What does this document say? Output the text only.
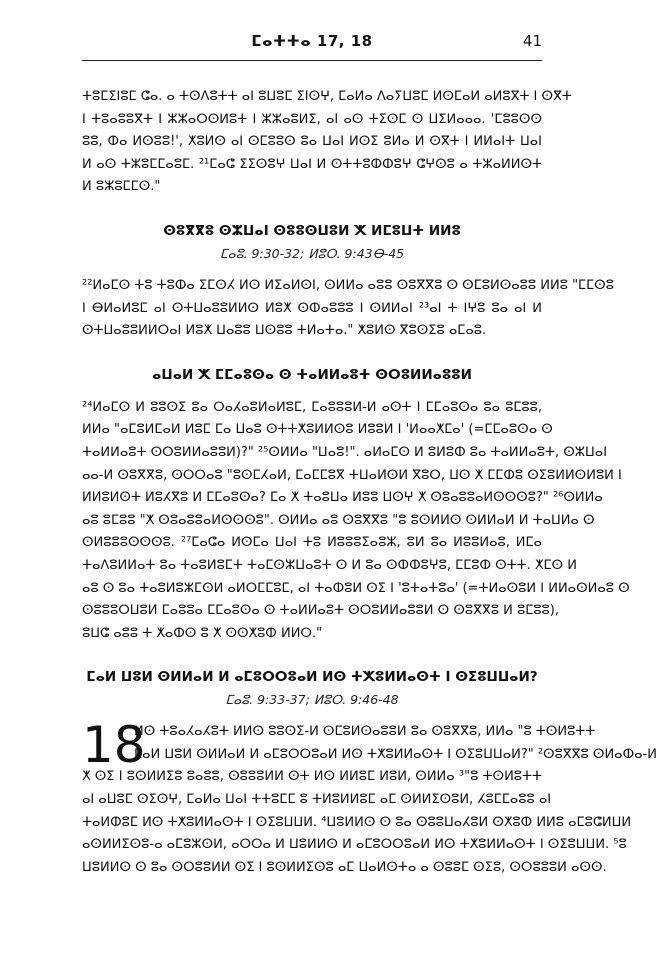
ⵎⴰⵜⵜⴰ 17, 18	41
ⵜⵓⵎⵉⵏⵓⵎ ⵛⴰ. ⴰ ⵜⵙⴷⵓⵜⵜ ⴰⵏ ⵓⵡⵓⵎ ⵉⵏⵙⵖ, ⵎⴰⵍⴰ ⴷⴰⵢⵡⵓⵎ ⵍⵙⵎⴰⵍ ⴰⵍⵓⴳⵜ ⵏ ⵙⴳⵜ
ⵏ ⵜⵓⴰⵓⵓⴳⵜ ⵏ ⵣⵣⴰⵔⵙⵍⵓⵜ ⵏ ⵣⵣⴰⵓⵍⵉ, ⴰⵏ ⴰⵙ ⵜⵉⵙⵎ ⵙ ⵡⵉⵍⴰⴰⴰ. 'ⵎⵓⵓⵙⵙ
ⵓⵓ, ⵀⴰ ⵍⵙⵓⵓ!', ⵅⵓⵍⵙ ⴰⵏ ⵙⵎⵓⵓⵙ ⵓⴰ ⵡⴰⵏ ⵍⵙⵉ ⵓⵍⴰ ⵍ ⵙⴳⵜ ⵏ ⵍⵍⴰⵏⵜ ⵡⴰⵏ
ⵍ ⴰⵙ ⵜⵣⵓⵎⵎⴰⵓⵎ. ²¹ⵎⴰⵛ ⵉⵉⵙⵓⵖ ⵡⴰⵏ ⵍ ⵙⵜⵜⵓⵀⵀⵓⵖ ⵛⵖⵙⵓ ⴰ ⵜⵣⴰⵍⵍⵙⵜ
ⵍ ⵓⵣⵓⵎⵎⵙ."

ⵙⵓⴳⴳⵓ ⵙⵣⵡⴰⵏ ⵙⵓⵓⵙⵡⵓⵍ ⵅ ⵍⵎⵓⵡⵜ ⵍⵍⵓ

ⵎⴰⵓ. 9:30-32; ⵍⵓⵔ. 9:43ⴱ-45

²²ⵍⴰⵎⵙ ⵜⵓ ⵜⵓⵀⴰ ⵉⵎⵙⵃ ⵍⵙ ⵍⵉⴰⵍⵙⵏ, ⵙⵍⵍⴰ ⴰⵓⵓ ⵙⵓⴳⴳⵓ ⵙ ⵙⵎⵓⵍⵙⴰⵓⵓ ⵍⵍⵓ "ⵎⵎⵙⵓ
ⵏ ⴱⵍⴰⵍⵓⵎ ⴰⵏ ⵙⵜⵡⴰⵓⵓⵍⵍⵙ ⵍⵓⵅ ⵙⵀⴰⵓⵓⵓ ⵏ ⵙⵍⵍⴰⵏ ²³ⴰⵏ ⵜ ⵏⵖⵓ ⵓⴰ ⴰⵏ ⵍ
ⵙⵜⵡⴰⵓⵓⵍⵍⵔⴰⵏ ⵍⵓⵅ ⵡⴰⵓⵓ ⵡⵙⵓⵓ ⵜⵍⴰⵜⴰ." ⵅⵓⵍⵙ ⴳⵓⵙⵉⵓ ⴰⵎⴰⵓ.

ⴰⵡⴰⵍ ⵅ ⵎⵎⴰⵓⵙⴰ ⵙ ⵜⴰⵍⵍⴰⵓⵜ ⵙⵔⵓⵍⵍⴰⵓⵓⵍ

²⁴ⵍⴰⵎⵙ ⵍ ⵓⵓⵙⵉ ⵓⴰ ⵔⴰⵃⴰⵓⵍⴰⵍⵓⵎ, ⵎⴰⵓⵓⵓⵍ-ⵍ ⴰⵙⵜ ⵏ ⵎⵎⴰⵓⵙⴰ ⵓⴰ ⵓⵎⵓⵓ,
ⵍⵍⴰ "ⴰⵎⵓⵍⵎⴰⵍ ⵍⵓⵎ ⵎⴰ ⵡⴰⵓ ⵙⵜⵜⵅⵓⵍⵍⵙⵓ ⵍⵓⵓⵍ ⵏ 'ⵍⴰⴰⵅⵎⴰ' (=ⵎⵎⴰⵓⵙⴰ ⵙ
ⵜⴰⵍⵍⴰⵓⵜ ⵙⵔⵓⵍⵍⴰⵓⵓⵍ)?" ²⁵ⵙⵍⵍⴰ "ⵡⴰⵓ!". ⴰⵍⴰⵎⵙ ⵍ ⵓⵍⵓⵀ ⵓⴰ ⵜⴰⵍⵍⴰⵓⵜ, ⵙⵣⵡⴰⵏ
ⴰⴰ-ⵍ ⵙⵓⴳⴳⵓ, ⵙⵔⵔⴰⵓ "ⵓⵙⵎⵃⴰⵍ, ⵎⴰⵎⵎⵓⴳ ⵜⵡⴰⵍⵙⵍ ⴳⵓⵔ, ⵡⵙ ⵅ ⵎⵎⵀⵓ ⵙⵉⵓⵍⵍⵙⵍⵓⵍ ⵏ
ⵍⵍⵓⵍⵙⵜ ⵍⵓⵃⴳⵓ ⵍ ⵎⵎⴰⵓⵙⴰ? ⵎⴰ ⵅ ⵜⴰⵓⵡⴰ ⵍⵓⵓ ⵡⵙⵖ ⵅ ⵙⵓⴰⵓⵓⴰⵍⵙⵙⵙⵓ?" ²⁶ⵙⵍⵍⴰ
ⴰⵓ ⵓⵎⵓⵓ "ⵅ ⵙⵓⴰⵓⵓⴰⵍⵙⵙⵙⵓ". ⵙⵍⵍⴰ ⴰⵓ ⵙⵓⴳⴳⵓ "ⵓ ⵓⵙⵍⵍⵙ ⵙⵍⵍⴰⵍ ⵍ ⵜⴰⵡⵍⴰ ⵙ
ⵙⵍⵓⵓⵓⵙⵙⵙⵓ. ²⁷ⵎⴰⵛⴰ ⵍⵙⵎⴰ ⵡⴰⵏ ⵜⵓ ⵍⵓⵓⵓⵉⴰⵓⵣ, ⵓⵍ ⵓⴰ ⵍⵓⵓⵍⴰⵓ, ⵍⵎⴰ
ⵜⴰⴷⵓⵍⵍⴰⵜ ⵓⴰ ⵜⴰⵓⵍⵓⵎⵜ ⵜⴰⵎⵙⵣⵡⴰⵓⵜ ⵙ ⵍ ⵓⴰ ⵙⵀⵀⵓⵖⵓ, ⵎⵎⵓⵀ ⵙⵜⵜ. ⵅⵎⵙ ⵍ
ⴰⵓ ⵙ ⵓⴰ ⵜⴰⵓⵍⵓⵣⵎⵙⵍ ⴰⵍⵔⵎⵎⵓⵎ, ⴰⵏ ⵜⴰⵀⵓⵍ ⵙⵉ ⵏ 'ⵓⵜⴰⵜⵓⴰ' (=ⵜⵍⴰⵙⵓⵍ ⵏ ⵍⵍⴰⵙⵍⴰⵓ ⵙ
ⵙⵓⵓⵓⵔⵡⵓⵍ ⵎⴰⵓⵓⴰ ⵎⵎⴰⵓⵙⴰ ⵙ ⵜⴰⵍⵍⴰⵓⵜ ⵙⵔⵓⵍⵍⴰⵓⵓⵍ ⵙ ⵙⵓⴳⴳⵓ ⵍ ⵓⵎⵓⵓ),
ⵓⵡⵛ ⴰⵓⵓ ⵜ ⵅⴰⵀⵙ ⵓ ⵅ ⵙⵙⵅⵓⵀ ⵍⵍⵔ."

ⵎⴰⵍ ⵡⵓⵍ ⵙⵍⵍⴰⵍ ⵍ ⴰⵎⵓⵔⵔⵓⴰⵍ ⵍⵙ ⵜⵅⵓⵍⵍⴰⵙⵜ ⵏ ⵙⵉⵓⵡⵡⴰⵍ?

ⵎⴰⵓ. 9:33-37; ⵍⵓⵔ. 9:46-48

18
ⵍⵙ ⵜⵓⴰⵃⴰⵃⵓⵜ ⵍⵍⵙ ⵓⵓⵙⵉ-ⵍ ⵙⵎⵓⵍⵙⴰⵓⵓⵍ ⵓⴰ ⵙⵓⴳⴳⵓ, ⵍⵍⴰ "ⵓ ⵜⵙⵍⵓⵜⵜ
ⵎⴰⵍ ⵡⵓⵍ ⵙⵍⵍⴰⵍ ⵍ ⴰⵎⵓⵔⵔⵓⴰⵍ ⵍⵙ ⵜⵅⵓⵍⵍⴰⵙⵜ ⵏ ⵙⵉⵓⵡⵡⴰⵍ?" ²ⵙⵓⴳⴳⵓ ⵙⵍⴰⵀⴰ-ⵍ
ⵅ ⵙⵉ ⵏ ⵓⵙⵍⵍⵉⵓ ⵓⴰⵓⵓ, ⵙⵓⵓⵓⵍⵍ ⵙⵜ ⵍⵙ ⵍⵍⵓⵎ ⵍⵓⵍ, ⵙⵍⵍⴰ ³"ⵓ ⵜⵙⵍⵓⵜⵜ
ⴰⵏ ⴰⵡⵓⵎ ⵙⵉⵙⵖ, ⵎⴰⵍⴰ ⵡⴰⵏ ⵜⵜⵓⵎⵎ ⵓ ⵜⵍⵓⵍⵍⵓⵎ ⴰⵎ ⵙⵍⵍⵉⵙⵓⵍ, ⵃⵓⵎⵎⴰⵓⵓ ⴰⵏ
ⵜⴰⵍⵀⵓⵎ ⵍⵙ ⵜⵅⵓⵍⵍⴰⵙⵜ ⵏ ⵙⵉⵓⵡⵡⵍ. ⁴ⵡⵓⵍⵍⵙ ⵙ ⵓⴰ ⵙⵓⵓⵡⴰⵃⵓⵍ ⵙⵅⵓⵀ ⵍⵍⵓ ⴰⵎⵓⵛⵍⵡⵍ
ⴰⵙⵍⵍⵉⵙⵓ-ⴰ ⴰⵎⵓⵣⵙⵍ, ⴰⵔⵔⴰ ⵍ ⵡⵓⵍⵍⵙ ⵍ ⴰⵎⵓⵔⵔⵓⴰⵍ ⵍⵙ ⵜⵅⵓⵍⵍⴰⵙⵜ ⵏ ⵙⵉⵓⵡⵡⵍ. ⁵ⵓ
ⵡⵓⵍⵍⵙ ⵙ ⵓⴰ ⵙⵔⵓⵓⵍⵍ ⵙⵉ ⵏ ⵓⵙⵍⵍⵉⵙⵓ ⴰⵎ ⵡⴰⵍⵙⵜⴰ ⴰ ⵙⵓⵓⵎ ⵙⵉⵓ, ⵙⵔⵓⵓⵓⵍ ⴰⵙⵙ.
